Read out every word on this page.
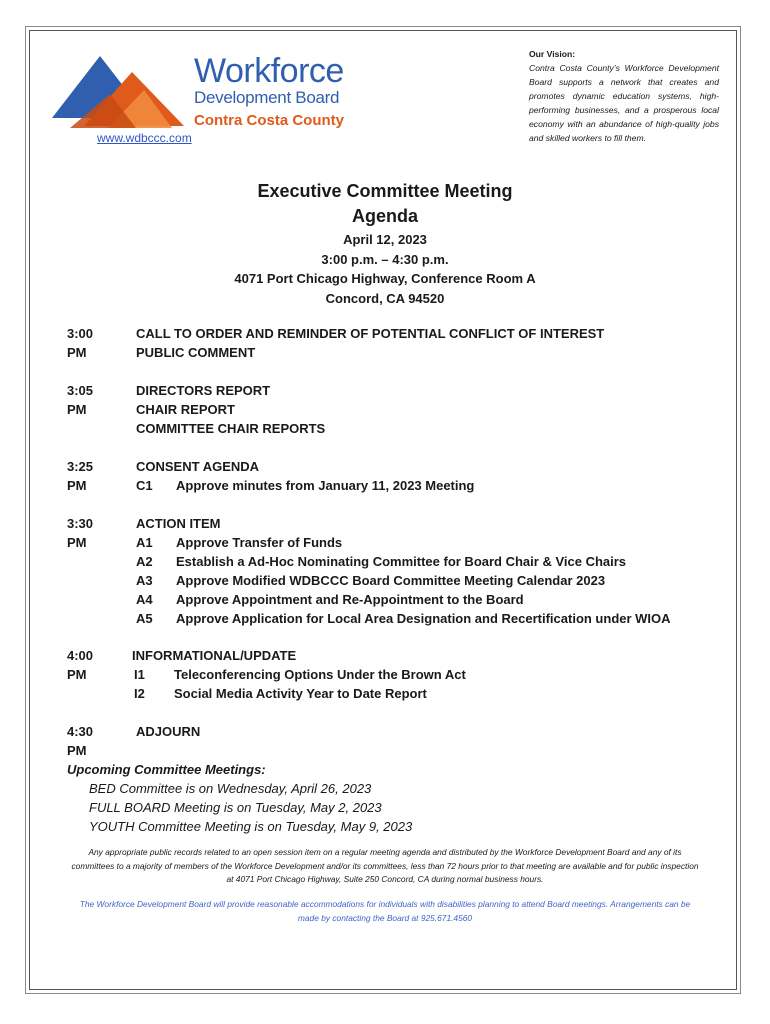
Workforce
Development Board
Contra Costa County
www.wdbccc.com
Our Vision:
Contra Costa County’s Workforce Development Board supports a network that creates and promotes dynamic education systems, high-performing businesses, and a prosperous local economy with an abundance of high-quality jobs and skilled workers to fill them.
Executive Committee Meeting
Agenda
April 12, 2023
3:00 p.m. – 4:30 p.m.
4071 Port Chicago Highway, Conference Room A
Concord, CA 94520
3:00 PM
CALL TO ORDER AND REMINDER OF POTENTIAL CONFLICT OF INTEREST
PUBLIC COMMENT
3:05 PM
DIRECTORS REPORT
CHAIR REPORT
COMMITTEE CHAIR REPORTS
3:25 PM
CONSENT AGENDA
C1 Approve minutes from January 11, 2023 Meeting
3:30 PM
ACTION ITEM
A1 Approve Transfer of Funds
A2 Establish a Ad-Hoc Nominating Committee for Board Chair & Vice Chairs
A3 Approve Modified WDBCCC Board Committee Meeting Calendar 2023
A4 Approve Appointment and Re-Appointment to the Board
A5 Approve Application for Local Area Designation and Recertification under WIOA
4:00 PM
INFORMATIONAL/UPDATE
I1 Teleconferencing Options Under the Brown Act
I2 Social Media Activity Year to Date Report
4:30 PM
ADJOURN
Upcoming Committee Meetings:
BED Committee is on Wednesday, April 26, 2023
FULL BOARD Meeting is on Tuesday, May 2, 2023
YOUTH Committee Meeting is on Tuesday, May 9, 2023
Any appropriate public records related to an open session item on a regular meeting agenda and distributed by the Workforce Development Board and any of its committees to a majority of members of the Workforce Development and/or its committees, less than 72 hours prior to that meeting are available and for public inspection at 4071 Port Chicago Highway, Suite 250 Concord, CA during normal business hours.
The Workforce Development Board will provide reasonable accommodations for individuals with disabilities planning to attend Board meetings. Arrangements can be made by contacting the Board at 925.671.4560
